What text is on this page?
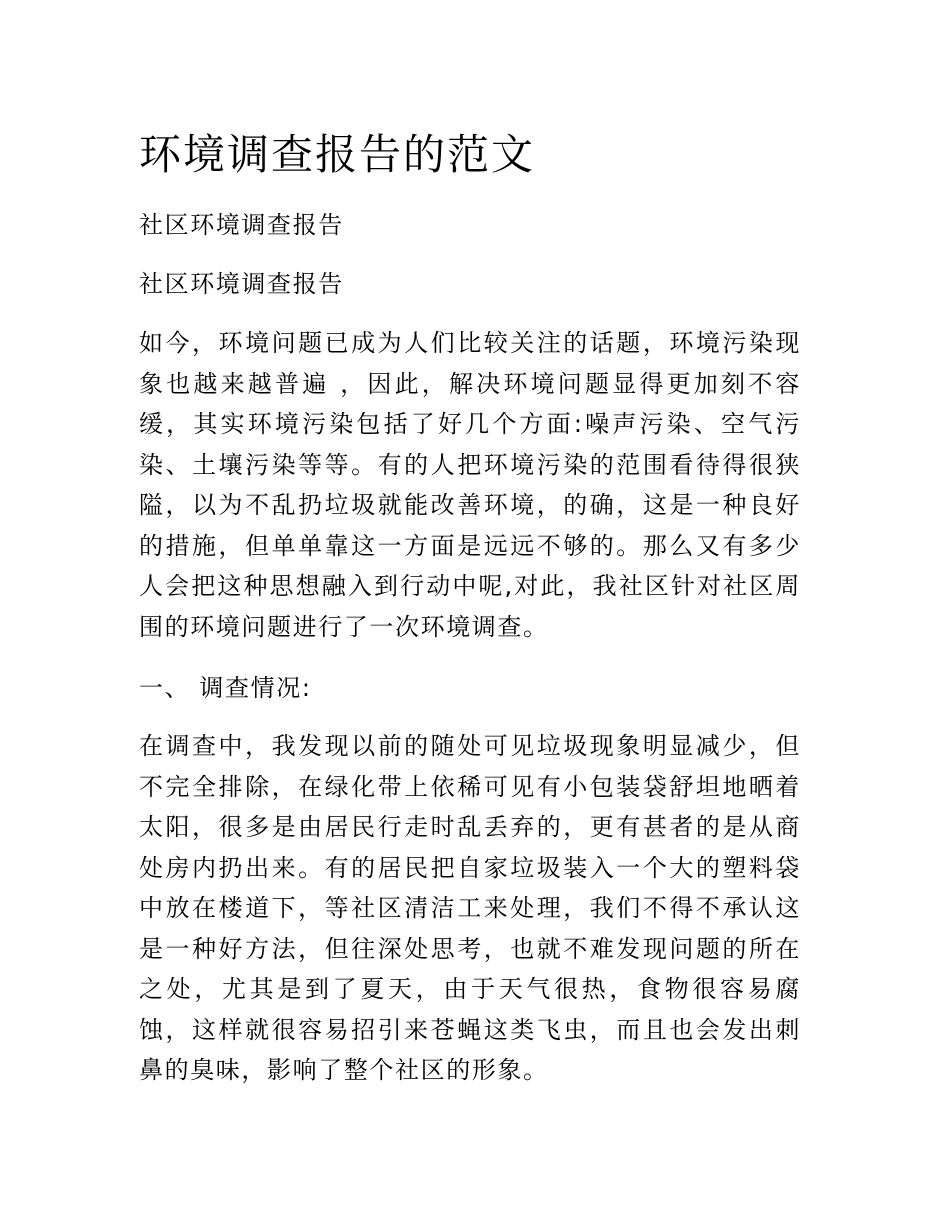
环境调查报告的范文

社区环境调查报告

社区环境调查报告

如今，环境问题已成为人们比较关注的话题，环境污染现象也越来越普遍 ，因此，解决环境问题显得更加刻不容缓，其实环境污染包括了好几个方面:噪声污染、空气污染、土壤污染等等。有的人把环境污染的范围看待得很狭隘，以为不乱扔垃圾就能改善环境，的确，这是一种良好的措施，但单单靠这一方面是远远不够的。那么又有多少人会把这种思想融入到行动中呢,对此，我社区针对社区周围的环境问题进行了一次环境调查。

一、 调查情况:

在调查中，我发现以前的随处可见垃圾现象明显减少，但不完全排除，在绿化带上依稀可见有小包装袋舒坦地晒着太阳，很多是由居民行走时乱丢弃的，更有甚者的是从商处房内扔出来。有的居民把自家垃圾装入一个大的塑料袋中放在楼道下，等社区清洁工来处理，我们不得不承认这是一种好方法，但往深处思考，也就不难发现问题的所在之处，尤其是到了夏天，由于天气很热，食物很容易腐蚀，这样就很容易招引来苍蝇这类飞虫，而且也会发出刺鼻的臭味，影响了整个社区的形象。
